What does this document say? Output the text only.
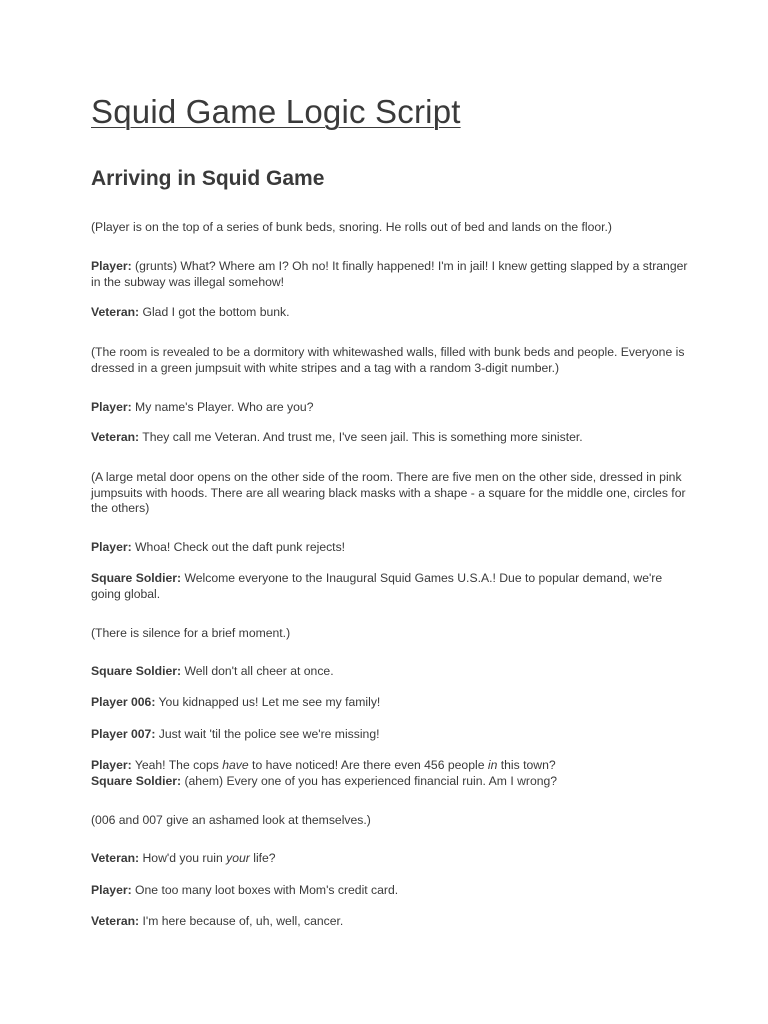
Squid Game Logic Script
Arriving in Squid Game

(Player is on the top of a series of bunk beds, snoring. He rolls out of bed and lands on the floor.)

Player: (grunts) What? Where am I? Oh no! It finally happened! I'm in jail! I knew getting slapped by a stranger in the subway was illegal somehow!

Veteran: Glad I got the bottom bunk.

(The room is revealed to be a dormitory with whitewashed walls, filled with bunk beds and people. Everyone is dressed in a green jumpsuit with white stripes and a tag with a random 3-digit number.)

Player: My name's Player. Who are you?

Veteran: They call me Veteran. And trust me, I've seen jail. This is something more sinister.

(A large metal door opens on the other side of the room. There are five men on the other side, dressed in pink jumpsuits with hoods. There are all wearing black masks with a shape - a square for the middle one, circles for the others)

Player: Whoa! Check out the daft punk rejects!

Square Soldier: Welcome everyone to the Inaugural Squid Games U.S.A.! Due to popular demand, we're going global.

(There is silence for a brief moment.)

Square Soldier: Well don't all cheer at once.

Player 006: You kidnapped us! Let me see my family!

Player 007: Just wait 'til the police see we're missing!

Player: Yeah! The cops have to have noticed! Are there even 456 people in this town?
Square Soldier: (ahem) Every one of you has experienced financial ruin. Am I wrong?

(006 and 007 give an ashamed look at themselves.)

Veteran: How'd you ruin your life?

Player: One too many loot boxes with Mom's credit card.

Veteran: I'm here because of, uh, well, cancer.
